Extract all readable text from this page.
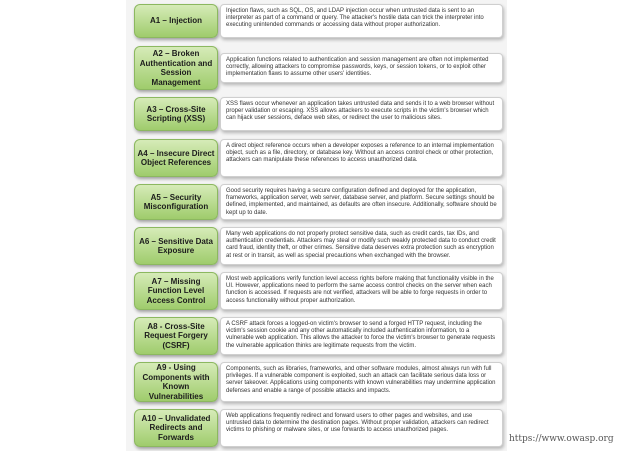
A1 – Injection
Injection flaws, such as SQL, OS, and LDAP injection occur when untrusted data is sent to an interpreter as part of a command or query. The attacker's hostile data can trick the interpreter into executing unintended commands or accessing data without proper authorization.
A2 – Broken Authentication and Session Management
Application functions related to authentication and session management are often not implemented correctly, allowing attackers to compromise passwords, keys, or session tokens, or to exploit other implementation flaws to assume other users' identities.
A3 – Cross-Site Scripting (XSS)
XSS flaws occur whenever an application takes untrusted data and sends it to a web browser without proper validation or escaping. XSS allows attackers to execute scripts in the victim's browser which can hijack user sessions, deface web sites, or redirect the user to malicious sites.
A4 – Insecure Direct Object References
A direct object reference occurs when a developer exposes a reference to an internal implementation object, such as a file, directory, or database key. Without an access control check or other protection, attackers can manipulate these references to access unauthorized data.
A5 – Security Misconfiguration
Good security requires having a secure configuration defined and deployed for the application, frameworks, application server, web server, database server, and platform. Secure settings should be defined, implemented, and maintained, as defaults are often insecure. Additionally, software should be kept up to date.
A6 – Sensitive Data Exposure
Many web applications do not properly protect sensitive data, such as credit cards, tax IDs, and authentication credentials. Attackers may steal or modify such weakly protected data to conduct credit card fraud, identity theft, or other crimes. Sensitive data deserves extra protection such as encryption at rest or in transit, as well as special precautions when exchanged with the browser.
A7 – Missing Function Level Access Control
Most web applications verify function level access rights before making that functionality visible in the UI. However, applications need to perform the same access control checks on the server when each function is accessed. If requests are not verified, attackers will be able to forge requests in order to access functionality without proper authorization.
A8 - Cross-Site Request Forgery (CSRF)
A CSRF attack forces a logged-on victim's browser to send a forged HTTP request, including the victim's session cookie and any other automatically included authentication information, to a vulnerable web application. This allows the attacker to force the victim's browser to generate requests the vulnerable application thinks are legitimate requests from the victim.
A9 - Using Components with Known Vulnerabilities
Components, such as libraries, frameworks, and other software modules, almost always run with full privileges. If a vulnerable component is exploited, such an attack can facilitate serious data loss or server takeover. Applications using components with known vulnerabilities may undermine application defenses and enable a range of possible attacks and impacts.
A10 – Unvalidated Redirects and Forwards
Web applications frequently redirect and forward users to other pages and websites, and use untrusted data to determine the destination pages. Without proper validation, attackers can redirect victims to phishing or malware sites, or use forwards to access unauthorized pages.
https://www.owasp.org
